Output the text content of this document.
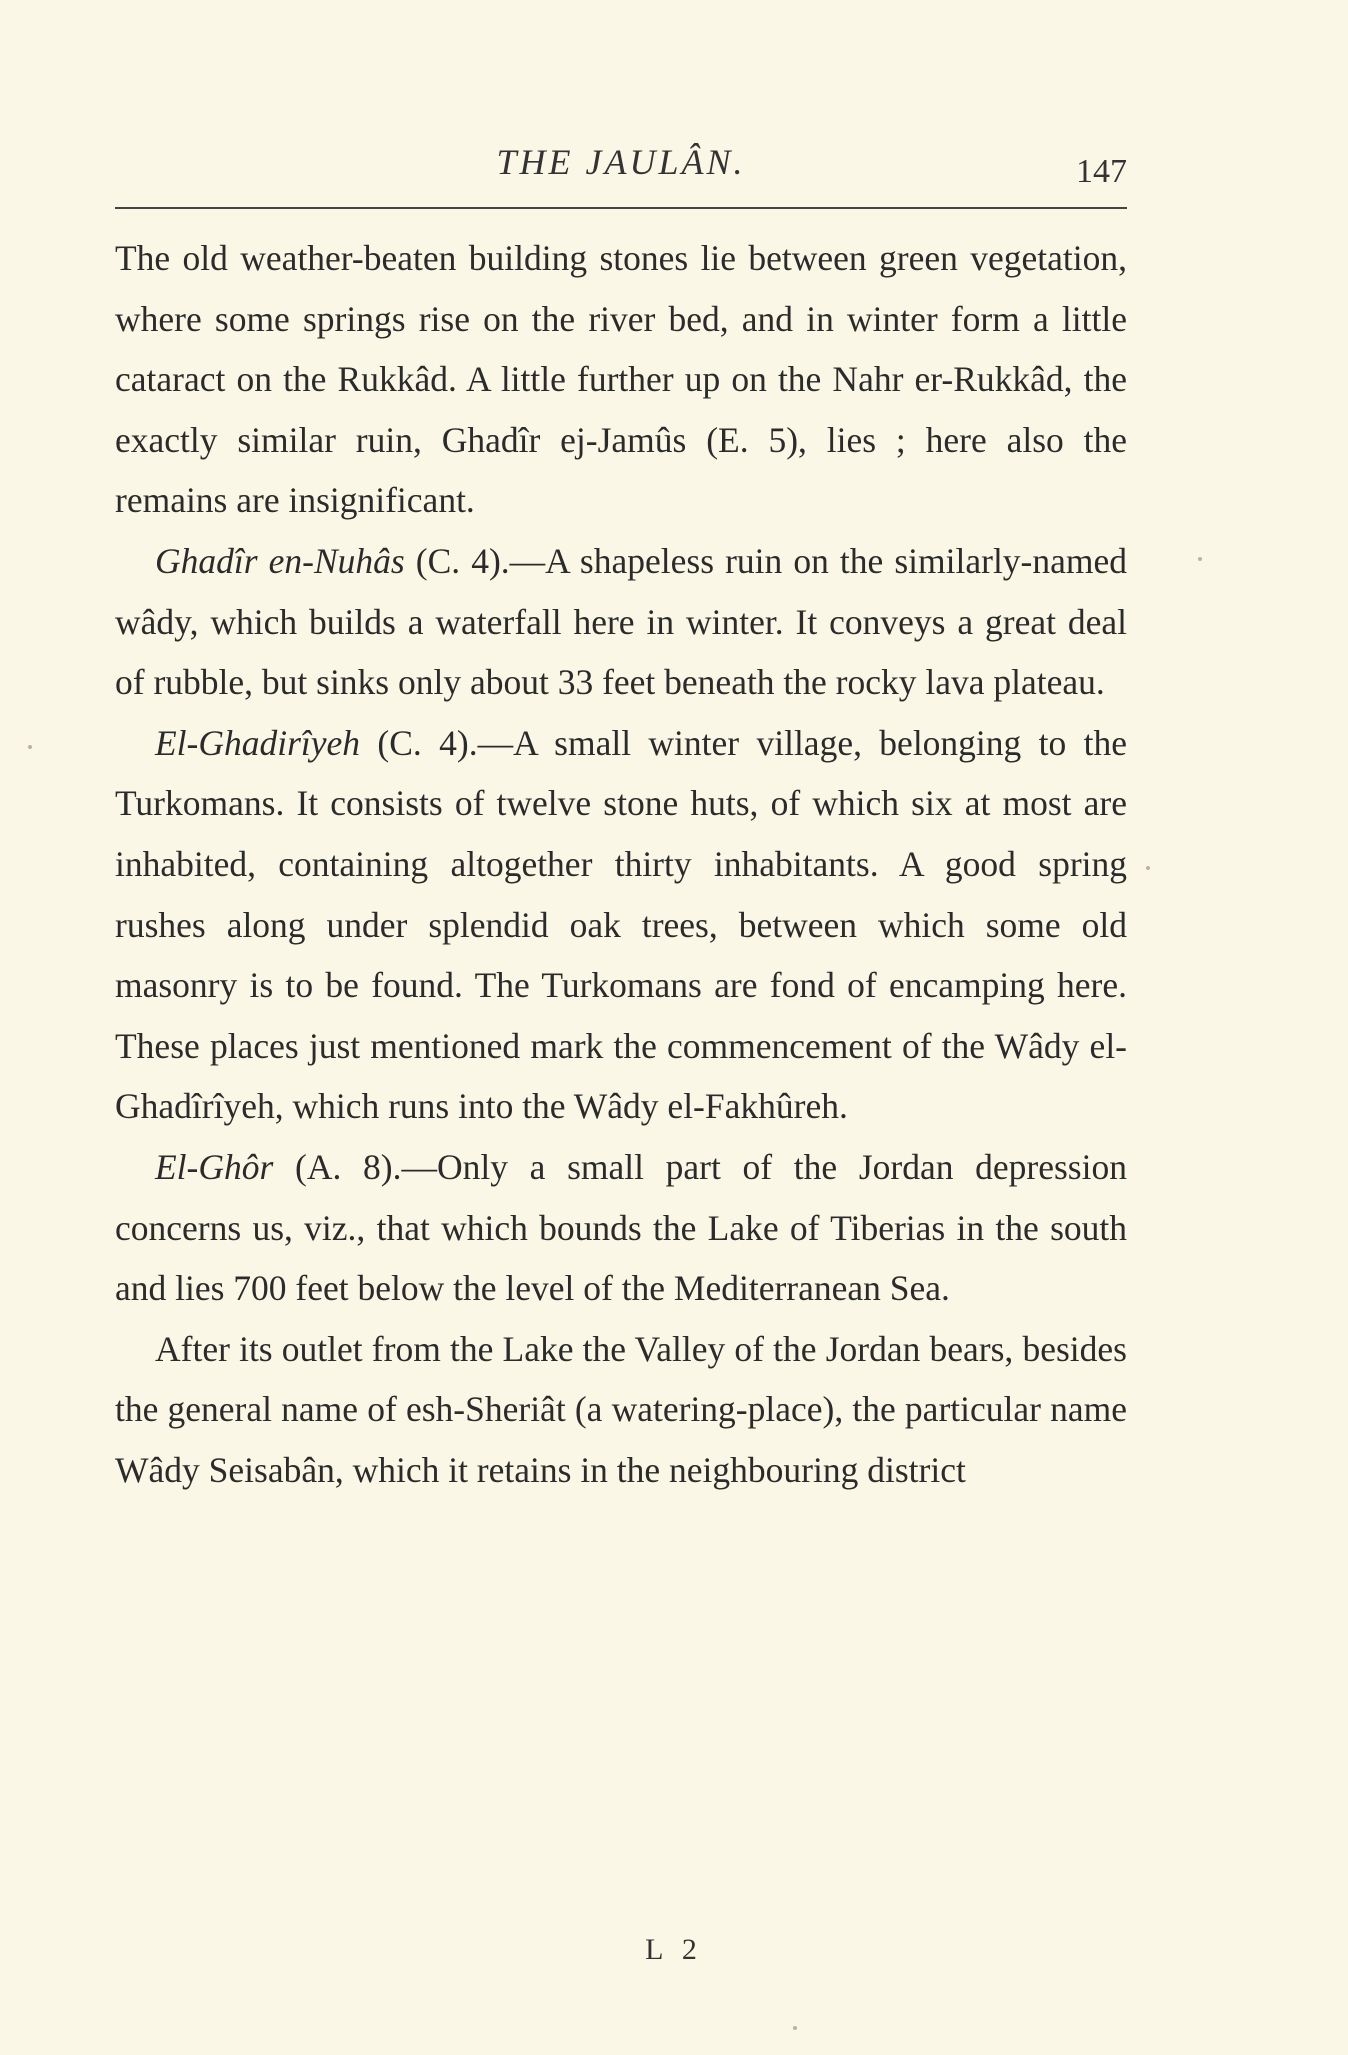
THE JAULÂN.	147

The old weather-beaten building stones lie between green vegetation, where some springs rise on the river bed, and in winter form a little cataract on the Rukkâd. A little further up on the Nahr er-Rukkâd, the exactly similar ruin, Ghadîr ej-Jamûs (E. 5), lies ; here also the remains are insignificant.

Ghadîr en-Nuhâs (C. 4).—A shapeless ruin on the similarly-named wâdy, which builds a waterfall here in winter. It conveys a great deal of rubble, but sinks only about 33 feet beneath the rocky lava plateau.

El-Ghadirîyeh (C. 4).—A small winter village, belonging to the Turkomans. It consists of twelve stone huts, of which six at most are inhabited, containing altogether thirty inhabitants. A good spring rushes along under splendid oak trees, between which some old masonry is to be found. The Turkomans are fond of encamping here. These places just mentioned mark the commencement of the Wâdy el-Ghadîrîyeh, which runs into the Wâdy el-Fakhûreh.

El-Ghôr (A. 8).—Only a small part of the Jordan depression concerns us, viz., that which bounds the Lake of Tiberias in the south and lies 700 feet below the level of the Mediterranean Sea.

After its outlet from the Lake the Valley of the Jordan bears, besides the general name of esh-Sheriât (a watering-place), the particular name Wâdy Seisabân, which it retains in the neighbouring district

L 2
